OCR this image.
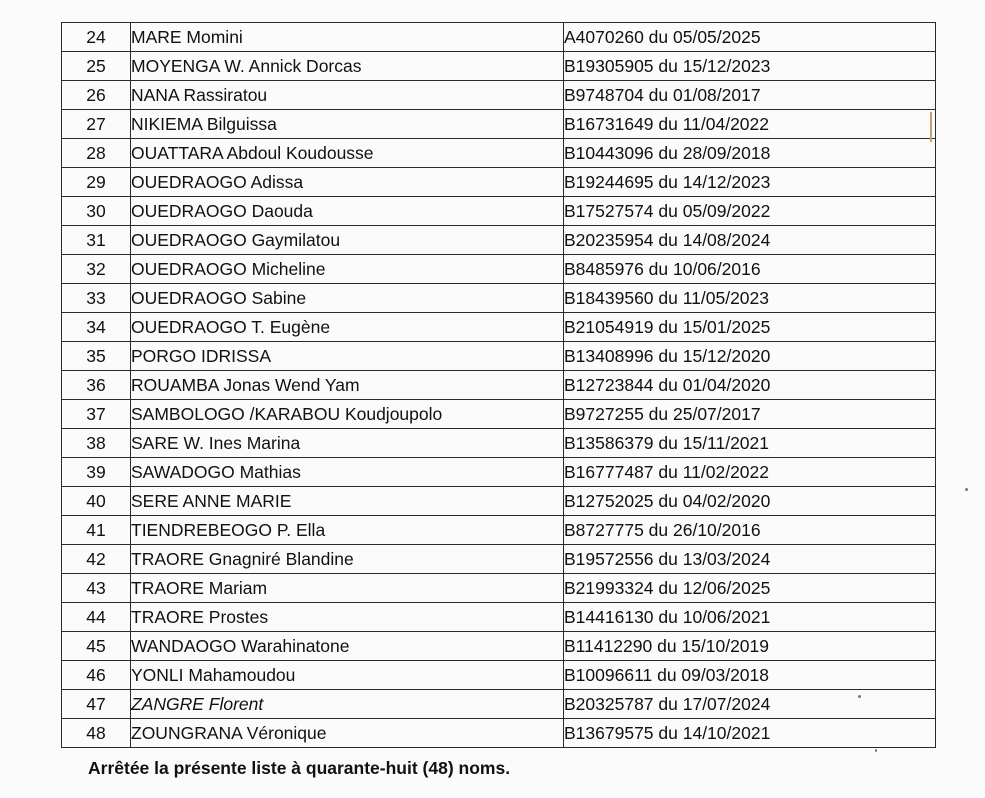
24	MARE Momini	A4070260 du 05/05/2025
25	MOYENGA W. Annick Dorcas	B19305905 du 15/12/2023
26	NANA Rassiratou	B9748704 du 01/08/2017
27	NIKIEMA Bilguissa	B16731649 du 11/04/2022
28	OUATTARA Abdoul Koudousse	B10443096 du 28/09/2018
29	OUEDRAOGO Adissa	B19244695 du 14/12/2023
30	OUEDRAOGO Daouda	B17527574 du 05/09/2022
31	OUEDRAOGO Gaymilatou	B20235954 du 14/08/2024
32	OUEDRAOGO Micheline	B8485976 du 10/06/2016
33	OUEDRAOGO Sabine	B18439560 du 11/05/2023
34	OUEDRAOGO T. Eugène	B21054919 du 15/01/2025
35	PORGO IDRISSA	B13408996 du 15/12/2020
36	ROUAMBA Jonas Wend Yam	B12723844 du 01/04/2020
37	SAMBOLOGO /KARABOU Koudjoupolo	B9727255 du 25/07/2017
38	SARE W. Ines Marina	B13586379 du 15/11/2021
39	SAWADOGO Mathias	B16777487 du 11/02/2022
40	SERE ANNE MARIE	B12752025 du 04/02/2020
41	TIENDREBEOGO P. Ella	B8727775 du 26/10/2016
42	TRAORE Gnagniré Blandine	B19572556 du 13/03/2024
43	TRAORE Mariam	B21993324 du 12/06/2025
44	TRAORE Prostes	B14416130 du 10/06/2021
45	WANDAOGO Warahinatone	B11412290 du 15/10/2019
46	YONLI Mahamoudou	B10096611 du 09/03/2018
47	ZANGRE Florent	B20325787 du 17/07/2024
48	ZOUNGRANA Véronique	B13679575 du 14/10/2021
Arrêtée la présente liste à quarante-huit (48) noms.
